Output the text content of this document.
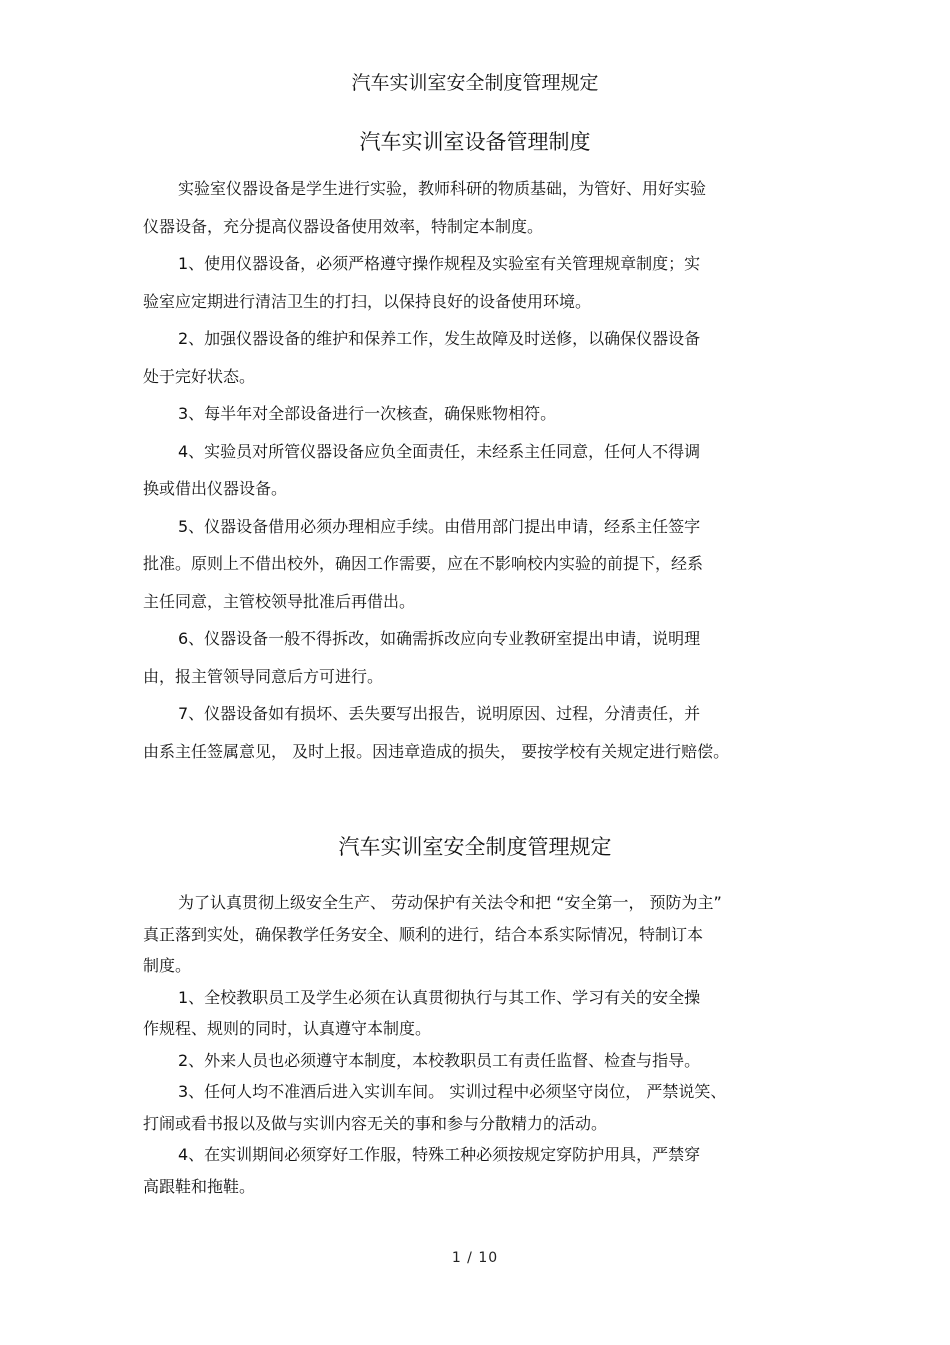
汽车实训室安全制度管理规定
汽车实训室设备管理制度
实验室仪器设备是学生进行实验，教师科研的物质基础，为管好、用好实验
仪器设备，充分提高仪器设备使用效率，特制定本制度。
1、使用仪器设备，必须严格遵守操作规程及实验室有关管理规章制度；实
验室应定期进行清洁卫生的打扫，以保持良好的设备使用环境。
2、加强仪器设备的维护和保养工作，发生故障及时送修，以确保仪器设备
处于完好状态。
3、每半年对全部设备进行一次核查，确保账物相符。
4、实验员对所管仪器设备应负全面责任，未经系主任同意，任何人不得调
换或借出仪器设备。
5、仪器设备借用必须办理相应手续。由借用部门提出申请，经系主任签字
批准。原则上不借出校外，确因工作需要，应在不影响校内实验的前提下，经系
主任同意，主管校领导批准后再借出。
6、仪器设备一般不得拆改，如确需拆改应向专业教研室提出申请，说明理
由，报主管领导同意后方可进行。
7、仪器设备如有损坏、丢失要写出报告，说明原因、过程，分清责任，并
由系主任签属意见， 及时上报。因违章造成的损失， 要按学校有关规定进行赔偿。
汽车实训室安全制度管理规定
为了认真贯彻上级安全生产、 劳动保护有关法令和把 “安全第一， 预防为主”
真正落到实处，确保教学任务安全、顺利的进行，结合本系实际情况，特制订本
制度。
1、全校教职员工及学生必须在认真贯彻执行与其工作、学习有关的安全操
作规程、规则的同时，认真遵守本制度。
2、外来人员也必须遵守本制度，本校教职员工有责任监督、检查与指导。
3、任何人均不准酒后进入实训车间。 实训过程中必须坚守岗位， 严禁说笑、
打闹或看书报以及做与实训内容无关的事和参与分散精力的活动。
4、在实训期间必须穿好工作服，特殊工种必须按规定穿防护用具，严禁穿
高跟鞋和拖鞋。
1 / 10
